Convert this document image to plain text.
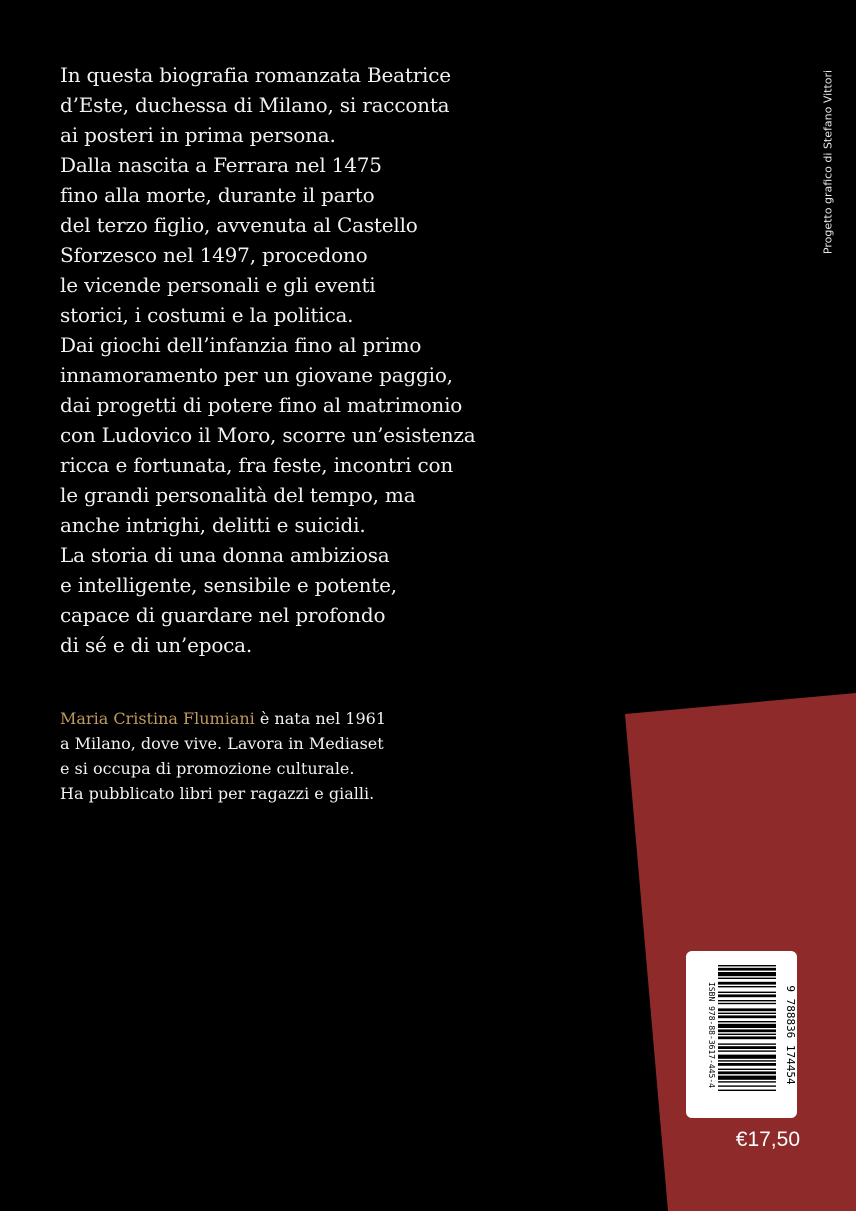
In questa biografia romanzata Beatrice
d’Este, duchessa di Milano, si racconta
ai posteri in prima persona.
Dalla nascita a Ferrara nel 1475
fino alla morte, durante il parto
del terzo figlio, avvenuta al Castello
Sforzesco nel 1497, procedono
le vicende personali e gli eventi
storici, i costumi e la politica.
Dai giochi dell’infanzia fino al primo
innamoramento per un giovane paggio,
dai progetti di potere fino al matrimonio
con Ludovico il Moro, scorre un’esistenza
ricca e fortunata, fra feste, incontri con
le grandi personalità del tempo, ma
anche intrighi, delitti e suicidi.
La storia di una donna ambiziosa
e intelligente, sensibile e potente,
capace di guardare nel profondo
di sé e di un’epoca.
Maria Cristina Flumiani è nata nel 1961
a Milano, dove vive. Lavora in Mediaset
e si occupa di promozione culturale.
Ha pubblicato libri per ragazzi e gialli.
Progetto grafico di Stefano Vittori
ISBN 978-88-3617-445-4	9 788836 174454
€17,50
